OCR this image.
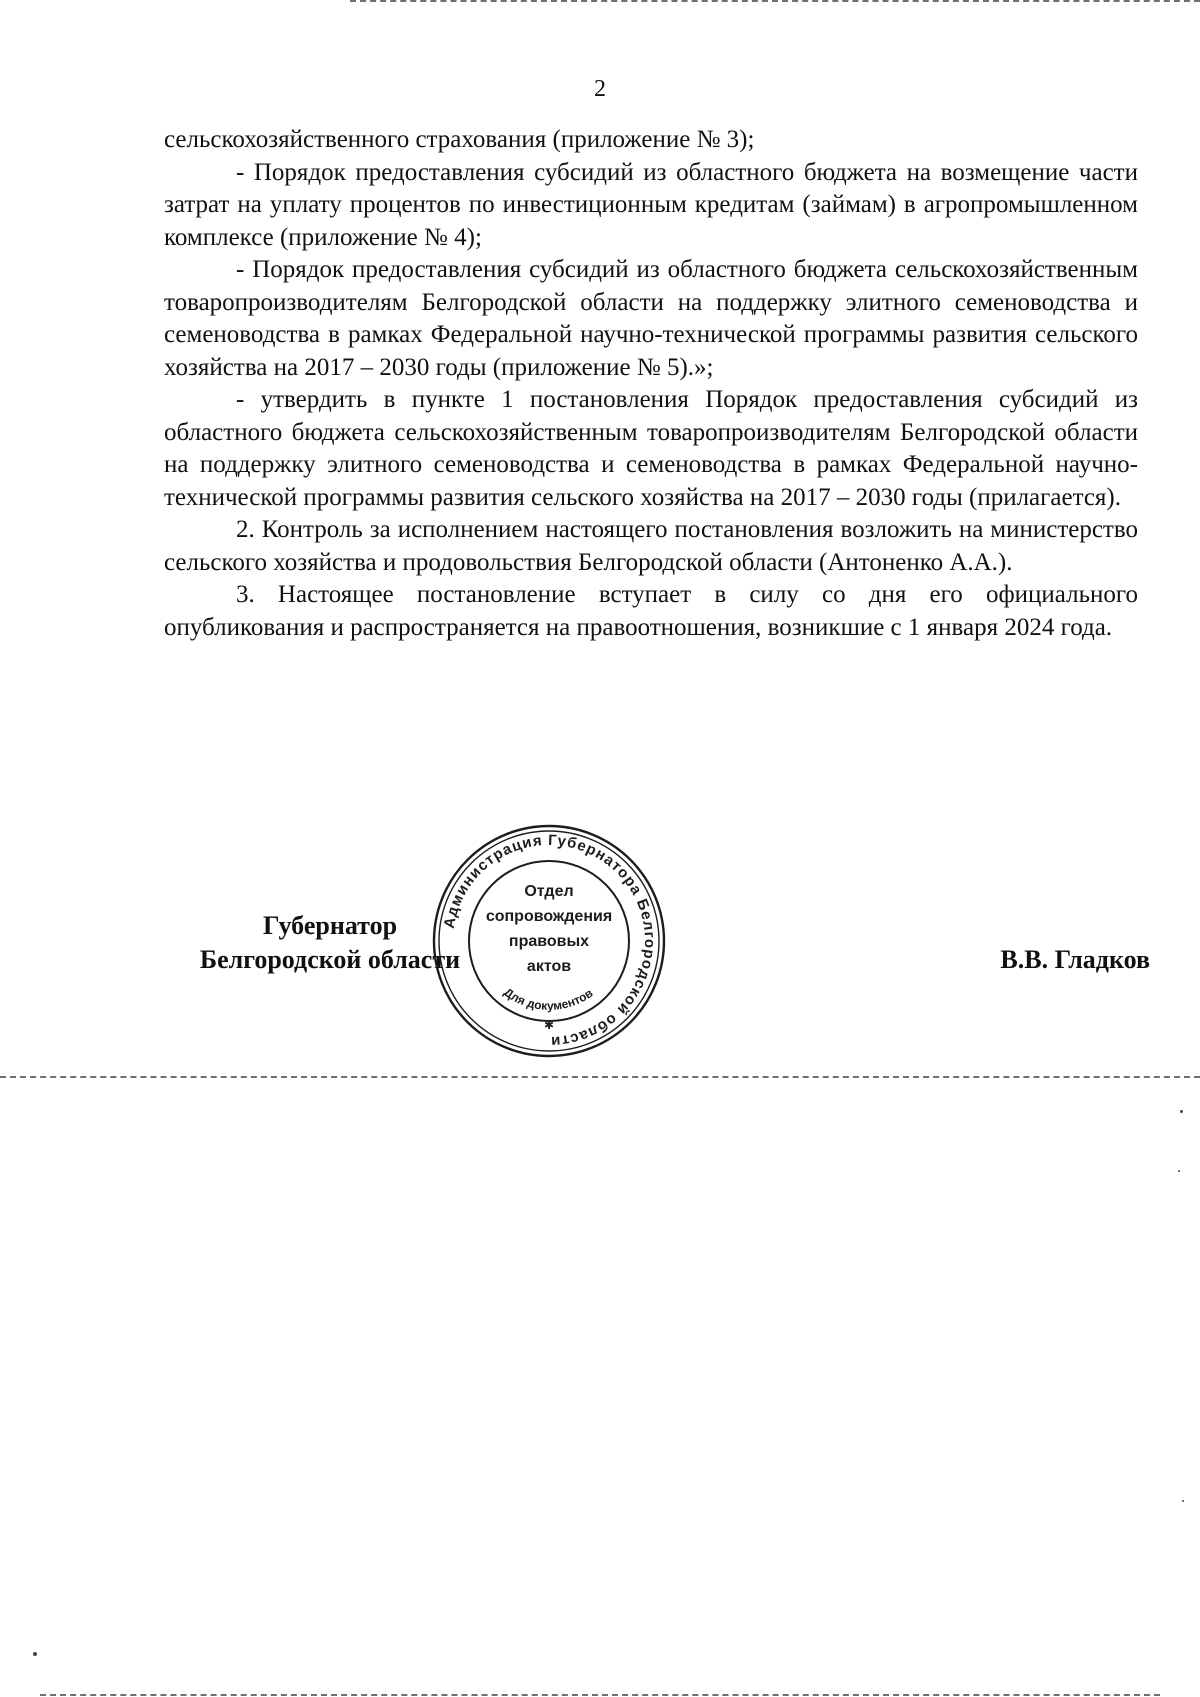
2

сельскохозяйственного страхования (приложение № 3);

- Порядок предоставления субсидий из областного бюджета на возмещение части затрат на уплату процентов по инвестиционным кредитам (займам) в агропромышленном комплексе (приложение № 4);

- Порядок предоставления субсидий из областного бюджета сельскохозяйственным товаропроизводителям Белгородской области на поддержку элитного семеноводства и семеноводства в рамках Федеральной научно-технической программы развития сельского хозяйства на 2017 – 2030 годы (приложение № 5).»;

- утвердить в пункте 1 постановления Порядок предоставления субсидий из областного бюджета сельскохозяйственным товаропроизводителям Белгородской области на поддержку элитного семеноводства и семеноводства в рамках Федеральной научно-технической программы развития сельского хозяйства на 2017 – 2030 годы (прилагается).

2. Контроль за исполнением настоящего постановления возложить на министерство сельского хозяйства и продовольствия Белгородской области (Антоненко А.А.).

3. Настоящее постановление вступает в силу со дня его официального опубликования и распространяется на правоотношения, возникшие с 1 января 2024 года.

Губернатор
Белгородской области	В.В. Гладков
Администрация Губернатора Белгородской области
Для документов
✱
Отдел
сопровождения
правовых
актов
